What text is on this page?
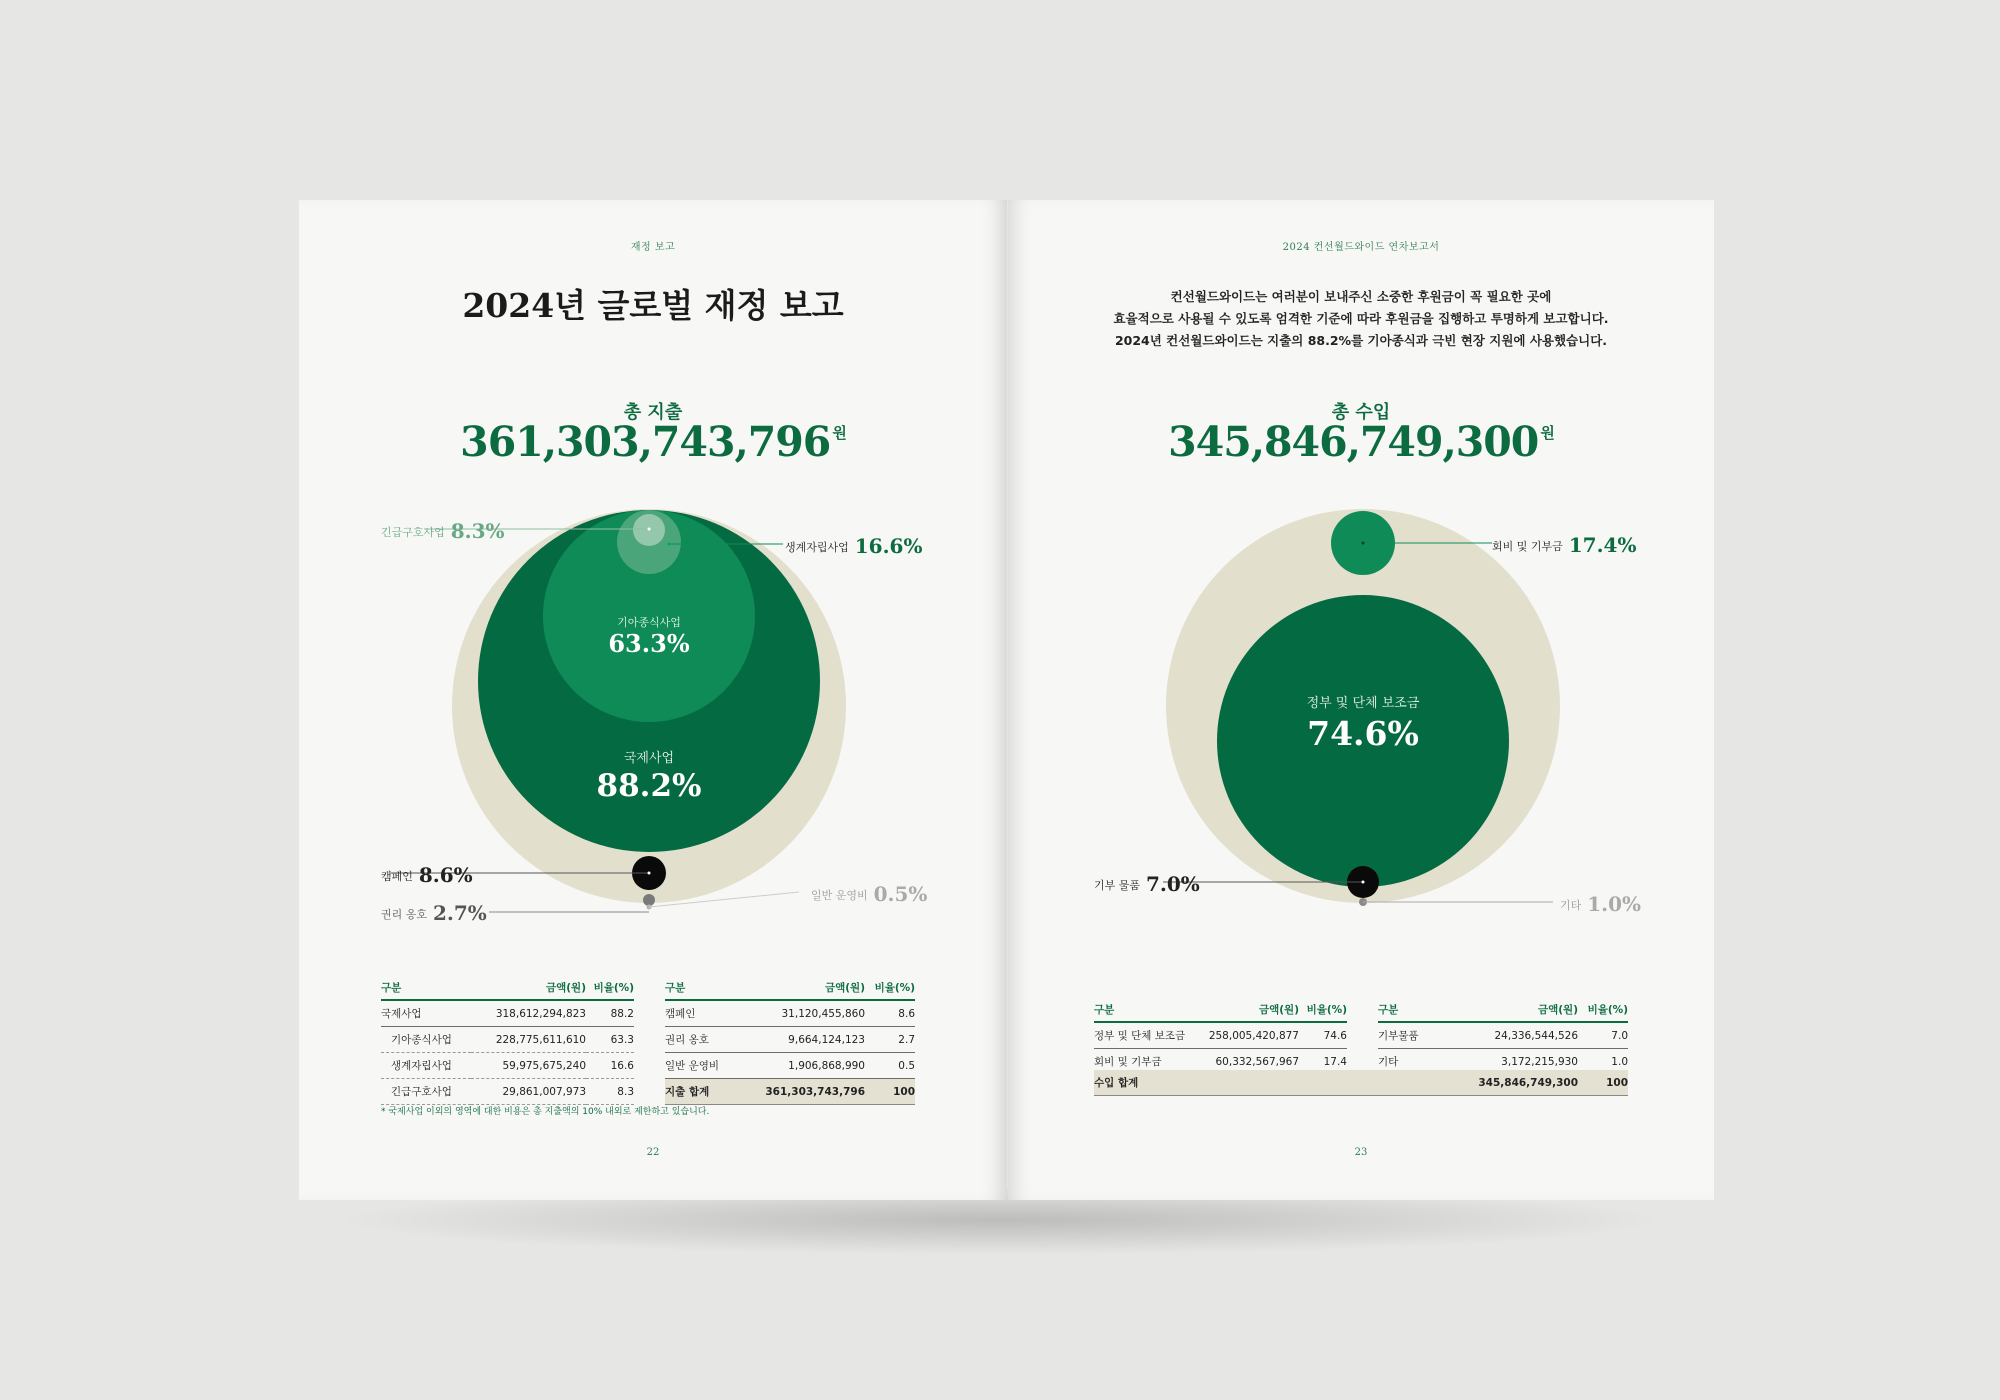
재정 보고
2024년 글로벌 재정 보고
총 지출
361,303,743,796 $^원$
기아종식사업
63.3%
국제사업
88.2%
긴급구호사업 8.3%
생계자립사업 16.6%
캠페인 8.6%
권리 옹호 2.7%
일반 운영비 0.5%
구분	금액(원)	비율(%)
국제사업	318,612,294,823	88.2
기아종식사업	228,775,611,610	63.3
생계자립사업	59,975,675,240	16.6
긴급구호사업	29,861,007,973	8.3
구분	금액(원)	비율(%)
캠페인	31,120,455,860	8.6
권리 옹호	9,664,124,123	2.7
일반 운영비	1,906,868,990	0.5
지출 합계	361,303,743,796	100
* 국제사업 이외의 영역에 대한 비용은 총 지출액의 10% 내외로 제한하고 있습니다.
22
2024 컨선월드와이드 연차보고서
컨선월드와이드는 여러분이 보내주신 소중한 후원금이 꼭 필요한 곳에
효율적으로 사용될 수 있도록 엄격한 기준에 따라 후원금을 집행하고 투명하게 보고합니다.
2024년 컨선월드와이드는 지출의 88.2%를 기아종식과 극빈 현장 지원에 사용했습니다.
총 수입
345,846,749,300 $^원$
정부 및 단체 보조금
74.6%
회비 및 기부금 17.4%
기부 물품 7.0%
기타 1.0%
구분	금액(원)	비율(%)
정부 및 단체 보조금	258,005,420,877	74.6
회비 및 기부금	60,332,567,967	17.4
구분	금액(원)	비율(%)
기부물품	24,336,544,526	7.0
기타	3,172,215,930	1.0
수입 합계	345,846,749,300	100
23
